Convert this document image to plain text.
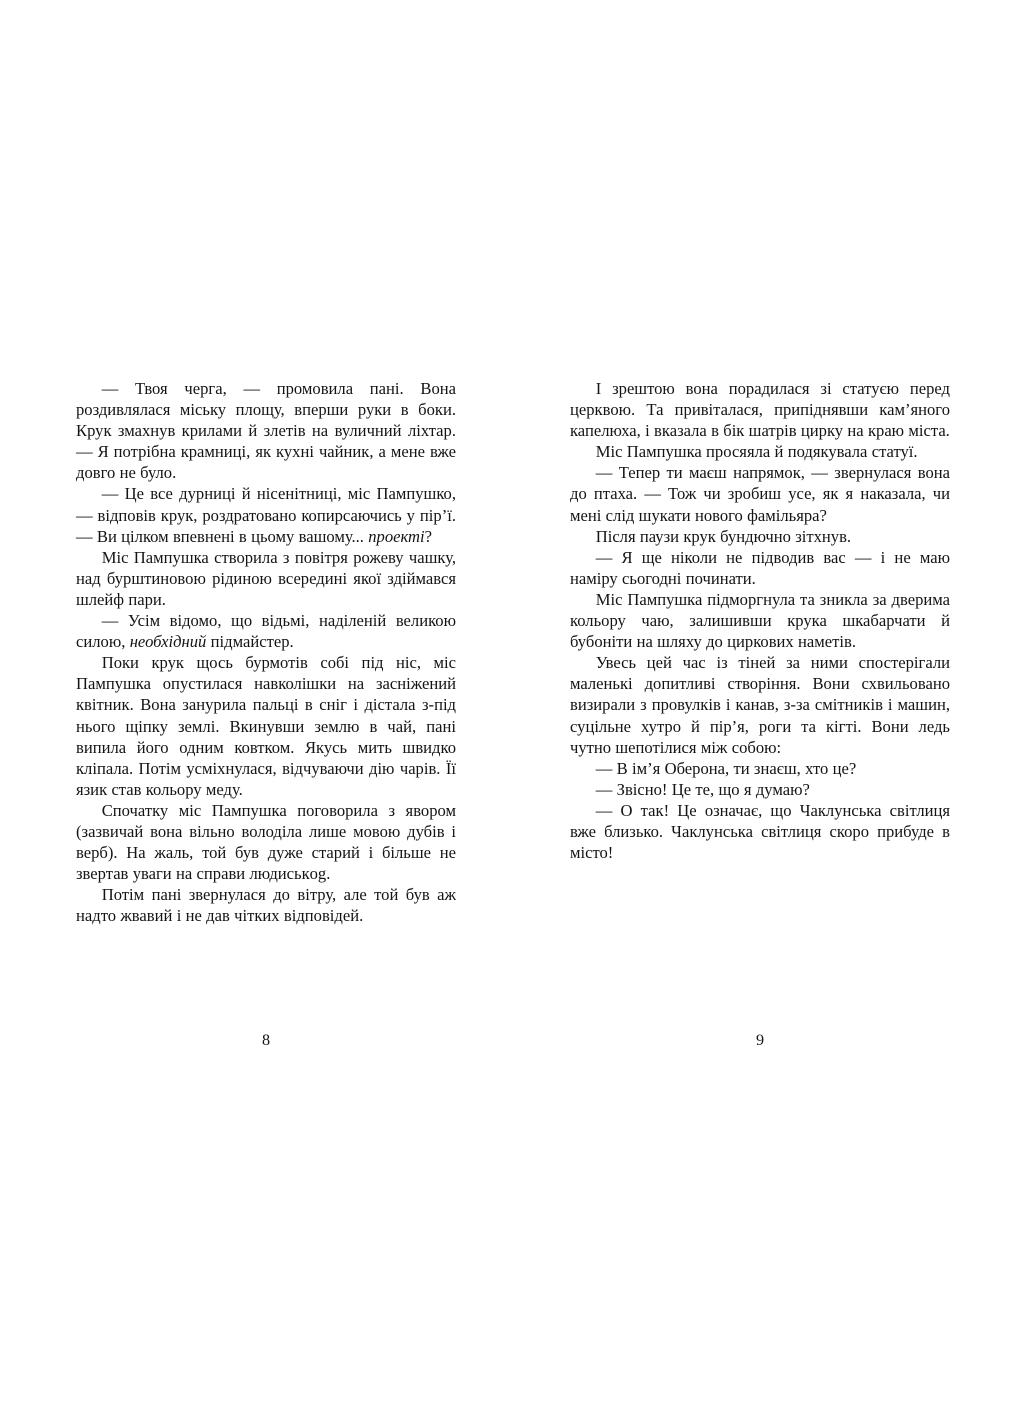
— Твоя черга, — промовила пані. Вона роздивлялася міську площу, вперши руки в боки. Крук змахнув крилами й злетів на вуличний ліхтар. — Я потрібна крамниці, як кухні чайник, а мене вже довго не було.

— Це все дурниці й нісенітниці, міс Пампушко, — відповів крук, роздратовано копирсаючись у пір’ї. — Ви цілком впевнені в цьому вашому... проекті?

Міс Пампушка створила з повітря рожеву чашку, над бурштиновою рідиною всередині якої здіймався шлейф пари.

— Усім відомо, що відьмі, наділеній великою силою, необхідний підмайстер.

Поки крук щось бурмотів собі під ніс, міс Пампушка опустилася навколішки на засніжений квітник. Вона занурила пальці в сніг і дістала з-під нього щіпку землі. Вкинувши землю в чай, пані випила його одним ковтком. Якусь мить швидко кліпала. Потім усміхнулася, відчуваючи дію чарів. Її язик став кольору меду.

Спочатку міс Пампушка поговорила з явором (зазвичай вона вільно володіла лише мовою дубів і верб). На жаль, той був дуже старий і більше не звертав уваги на справи людиськog.

Потім пані звернулася до вітру, але той був аж надто жвавий і не дав чітких відповідей.

8

І зрештою вона порадилася зі статуєю перед церквою. Та привіталася, припіднявши кам’яного капелюха, і вказала в бік шатрів цирку на краю міста.

Міс Пампушка просяяла й подякувала статуї.

— Тепер ти маєш напрямок, — звернулася вона до птаха. — Тож чи зробиш усе, як я наказала, чи мені слід шукати нового фамільяра?

Після паузи крук бундючно зітхнув.

— Я ще ніколи не підводив вас — і не маю наміру сьогодні починати.

Міс Пампушка підморгнула та зникла за дверима кольору чаю, залишивши крука шкабарчати й бубоніти на шляху до циркових наметів.

Увесь цей час із тіней за ними спостерігали маленькі допитливі створіння. Вони схвильовано визирали з провулків і канав, з-за смітників і машин, суцільне хутро й пір’я, роги та кігті. Вони ледь чутно шепотілися між собою:

— В ім’я Оберона, ти знаєш, хто це?

— Звісно! Це те, що я думаю?

— О так! Це означає, що Чаклунська світлиця вже близько. Чаклунська світлиця скоро прибуде в місто!

9
